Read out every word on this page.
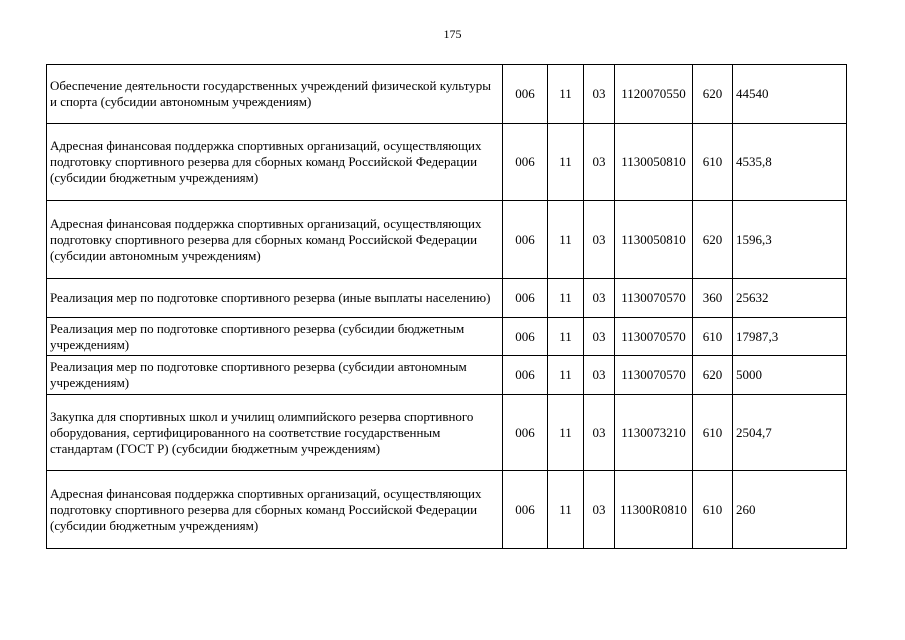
175
Обеспечение деятельности государственных учреждений физической культуры и спорта (субсидии автономным учреждениям)	006	11	03	1120070550	620	44540

Адресная финансовая поддержка спортивных организаций, осуществляющих подготовку спортивного резерва для сборных команд Российской Федерации (субсидии бюджетным учреждениям)	006	11	03	1130050810	610	4535,8

Адресная финансовая поддержка спортивных организаций, осуществляющих подготовку спортивного резерва для сборных команд Российской Федерации (субсидии автономным учреждениям)	006	11	03	1130050810	620	1596,3
Реализация мер по подготовке спортивного резерва (иные выплаты населению)	006	11	03	1130070570	360	25632
Реализация мер по подготовке спортивного резерва (субсидии бюджетным учреждениям)	006	11	03	1130070570	610	17987,3
Реализация мер по подготовке спортивного резерва (субсидии автономным учреждениям)	006	11	03	1130070570	620	5000
Закупка для спортивных школ и училищ олимпийского резерва спортивного оборудования, сертифицированного на соответствие государственным стандартам (ГОСТ Р) (субсидии бюджетным учреждениям)	006	11	03	1130073210	610	2504,7

Адресная финансовая поддержка спортивных организаций, осуществляющих подготовку спортивного резерва для сборных команд Российской Федерации (субсидии бюджетным учреждениям)	006	11	03	11300R0810	610	260
